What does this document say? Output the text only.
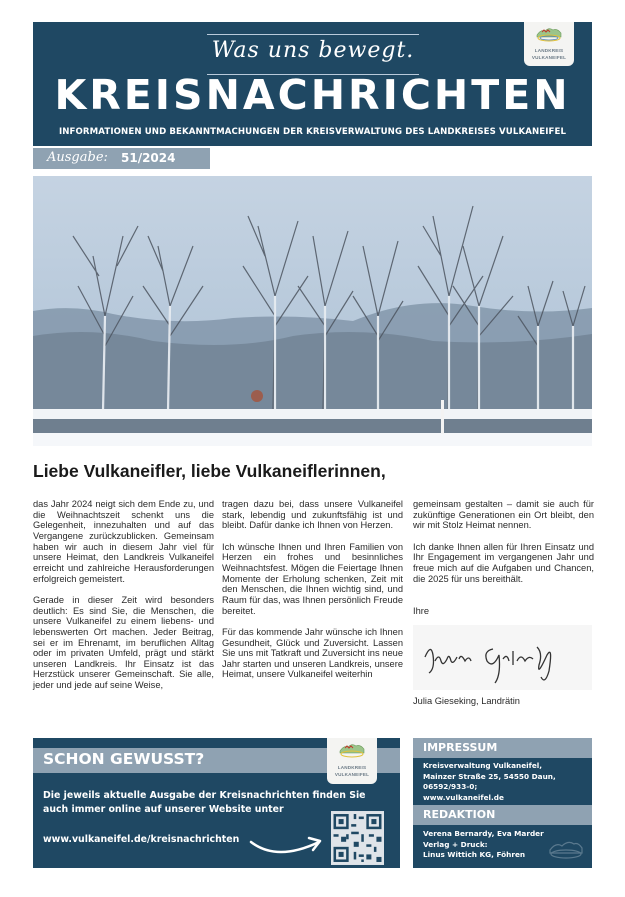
Was uns bewegt.
KREISNACHRICHTEN
INFORMATIONEN UND BEKANNTMACHUNGEN DER KREISVERWALTUNG DES LANDKREISES VULKANEIFEL
LANDKREIS
VULKANEIFEL
Ausgabe: 51/2024
Liebe Vulkaneifler, liebe Vulkaneiflerinnen,

das Jahr 2024 neigt sich dem Ende zu, und die Weihnachtszeit schenkt uns die Gelegenheit, innezuhalten und auf das Vergangene zurückzublicken. Gemeinsam haben wir auch in diesem Jahr viel für unsere Heimat, den Landkreis Vulkaneifel erreicht und zahlreiche Herausforderungen erfolgreich gemeistert.

Gerade in dieser Zeit wird besonders deutlich: Es sind Sie, die Menschen, die unsere Vulkaneifel zu einem liebens- und lebenswerten Ort machen. Jeder Beitrag, sei er im Ehrenamt, im beruflichen Alltag oder im privaten Umfeld, prägt und stärkt unseren Landkreis. Ihr Einsatz ist das Herzstück unserer Gemeinschaft. Sie alle, jeder und jede auf seine Weise,

tragen dazu bei, dass unsere Vulkaneifel stark, lebendig und zukunftsfähig ist und bleibt. Dafür danke ich Ihnen von Herzen.

Ich wünsche Ihnen und Ihren Familien von Herzen ein frohes und besinnliches Weihnachtsfest. Mögen die Feiertage Ihnen Momente der Erholung schenken, Zeit mit den Menschen, die Ihnen wichtig sind, und Raum für das, was Ihnen persönlich Freude bereitet.

Für das kommende Jahr wünsche ich Ihnen Gesundheit, Glück und Zuversicht. Lassen Sie uns mit Tatkraft und Zuversicht ins neue Jahr starten und unseren Landkreis, unsere Heimat, unsere Vulkaneifel weiterhin

gemeinsam gestalten – damit sie auch für zukünftige Generationen ein Ort bleibt, den wir mit Stolz Heimat nennen.

Ich danke Ihnen allen für Ihren Einsatz und Ihr Engagement im vergangenen Jahr und freue mich auf die Aufgaben und Chancen, die 2025 für uns bereithält.

Ihre

Julia Gieseking, Landrätin
SCHON GEWUSST?	LANDKREIS
VULKANEIFEL
Die jeweils aktuelle Ausgabe der Kreisnachrichten finden Sie auch immer online auf unserer Website unter
www.vulkaneifel.de/kreisnachrichten
IMPRESSUM
Kreisverwaltung Vulkaneifel,
Mainzer Straße 25, 54550 Daun,
06592/933-0;
www.vulkaneifel.de
REDAKTION
Verena Bernardy, Eva Marder
Verlag + Druck:
Linus Wittich KG, Föhren
